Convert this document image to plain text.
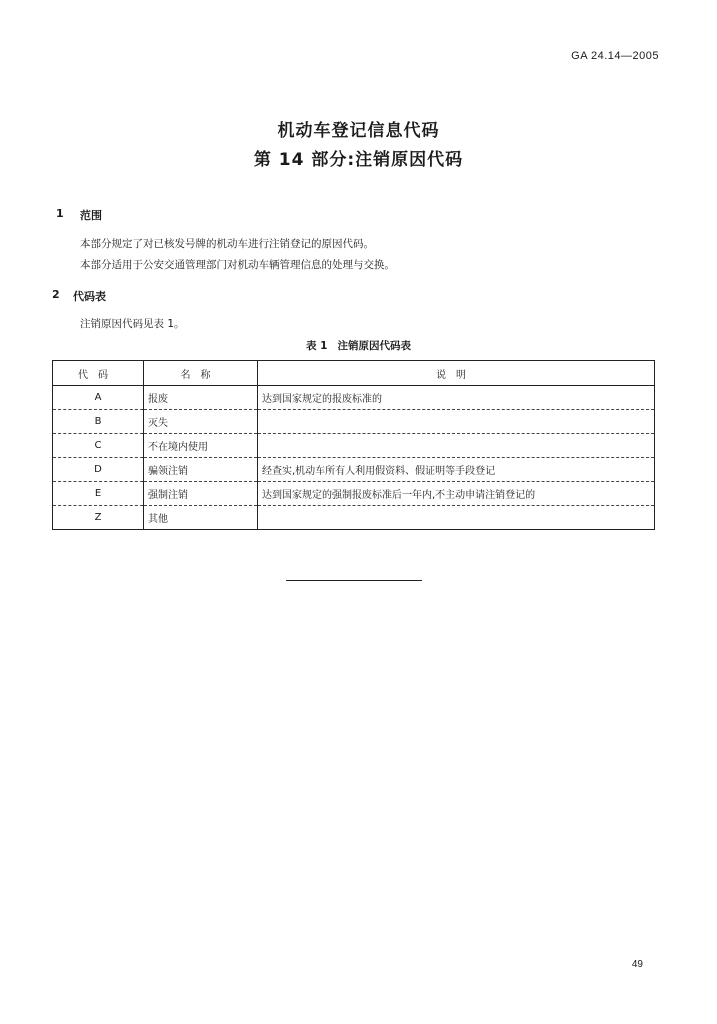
GA 24.14—2005
机动车登记信息代码
第 14 部分:注销原因代码
1 范围
本部分规定了对已核发号牌的机动车进行注销登记的原因代码。
本部分适用于公安交通管理部门对机动车辆管理信息的处理与交换。
2 代码表
注销原因代码见表 1。
表 1 注销原因代码表
代码	名称	说明
A	报废	达到国家规定的报废标准的
B	灭失	
C	不在境内使用	
D	骗领注销	经查实,机动车所有人利用假资料、假证明等手段登记
E	强制注销	达到国家规定的强制报废标准后一年内,不主动申请注销登记的
Z	其他	
49
